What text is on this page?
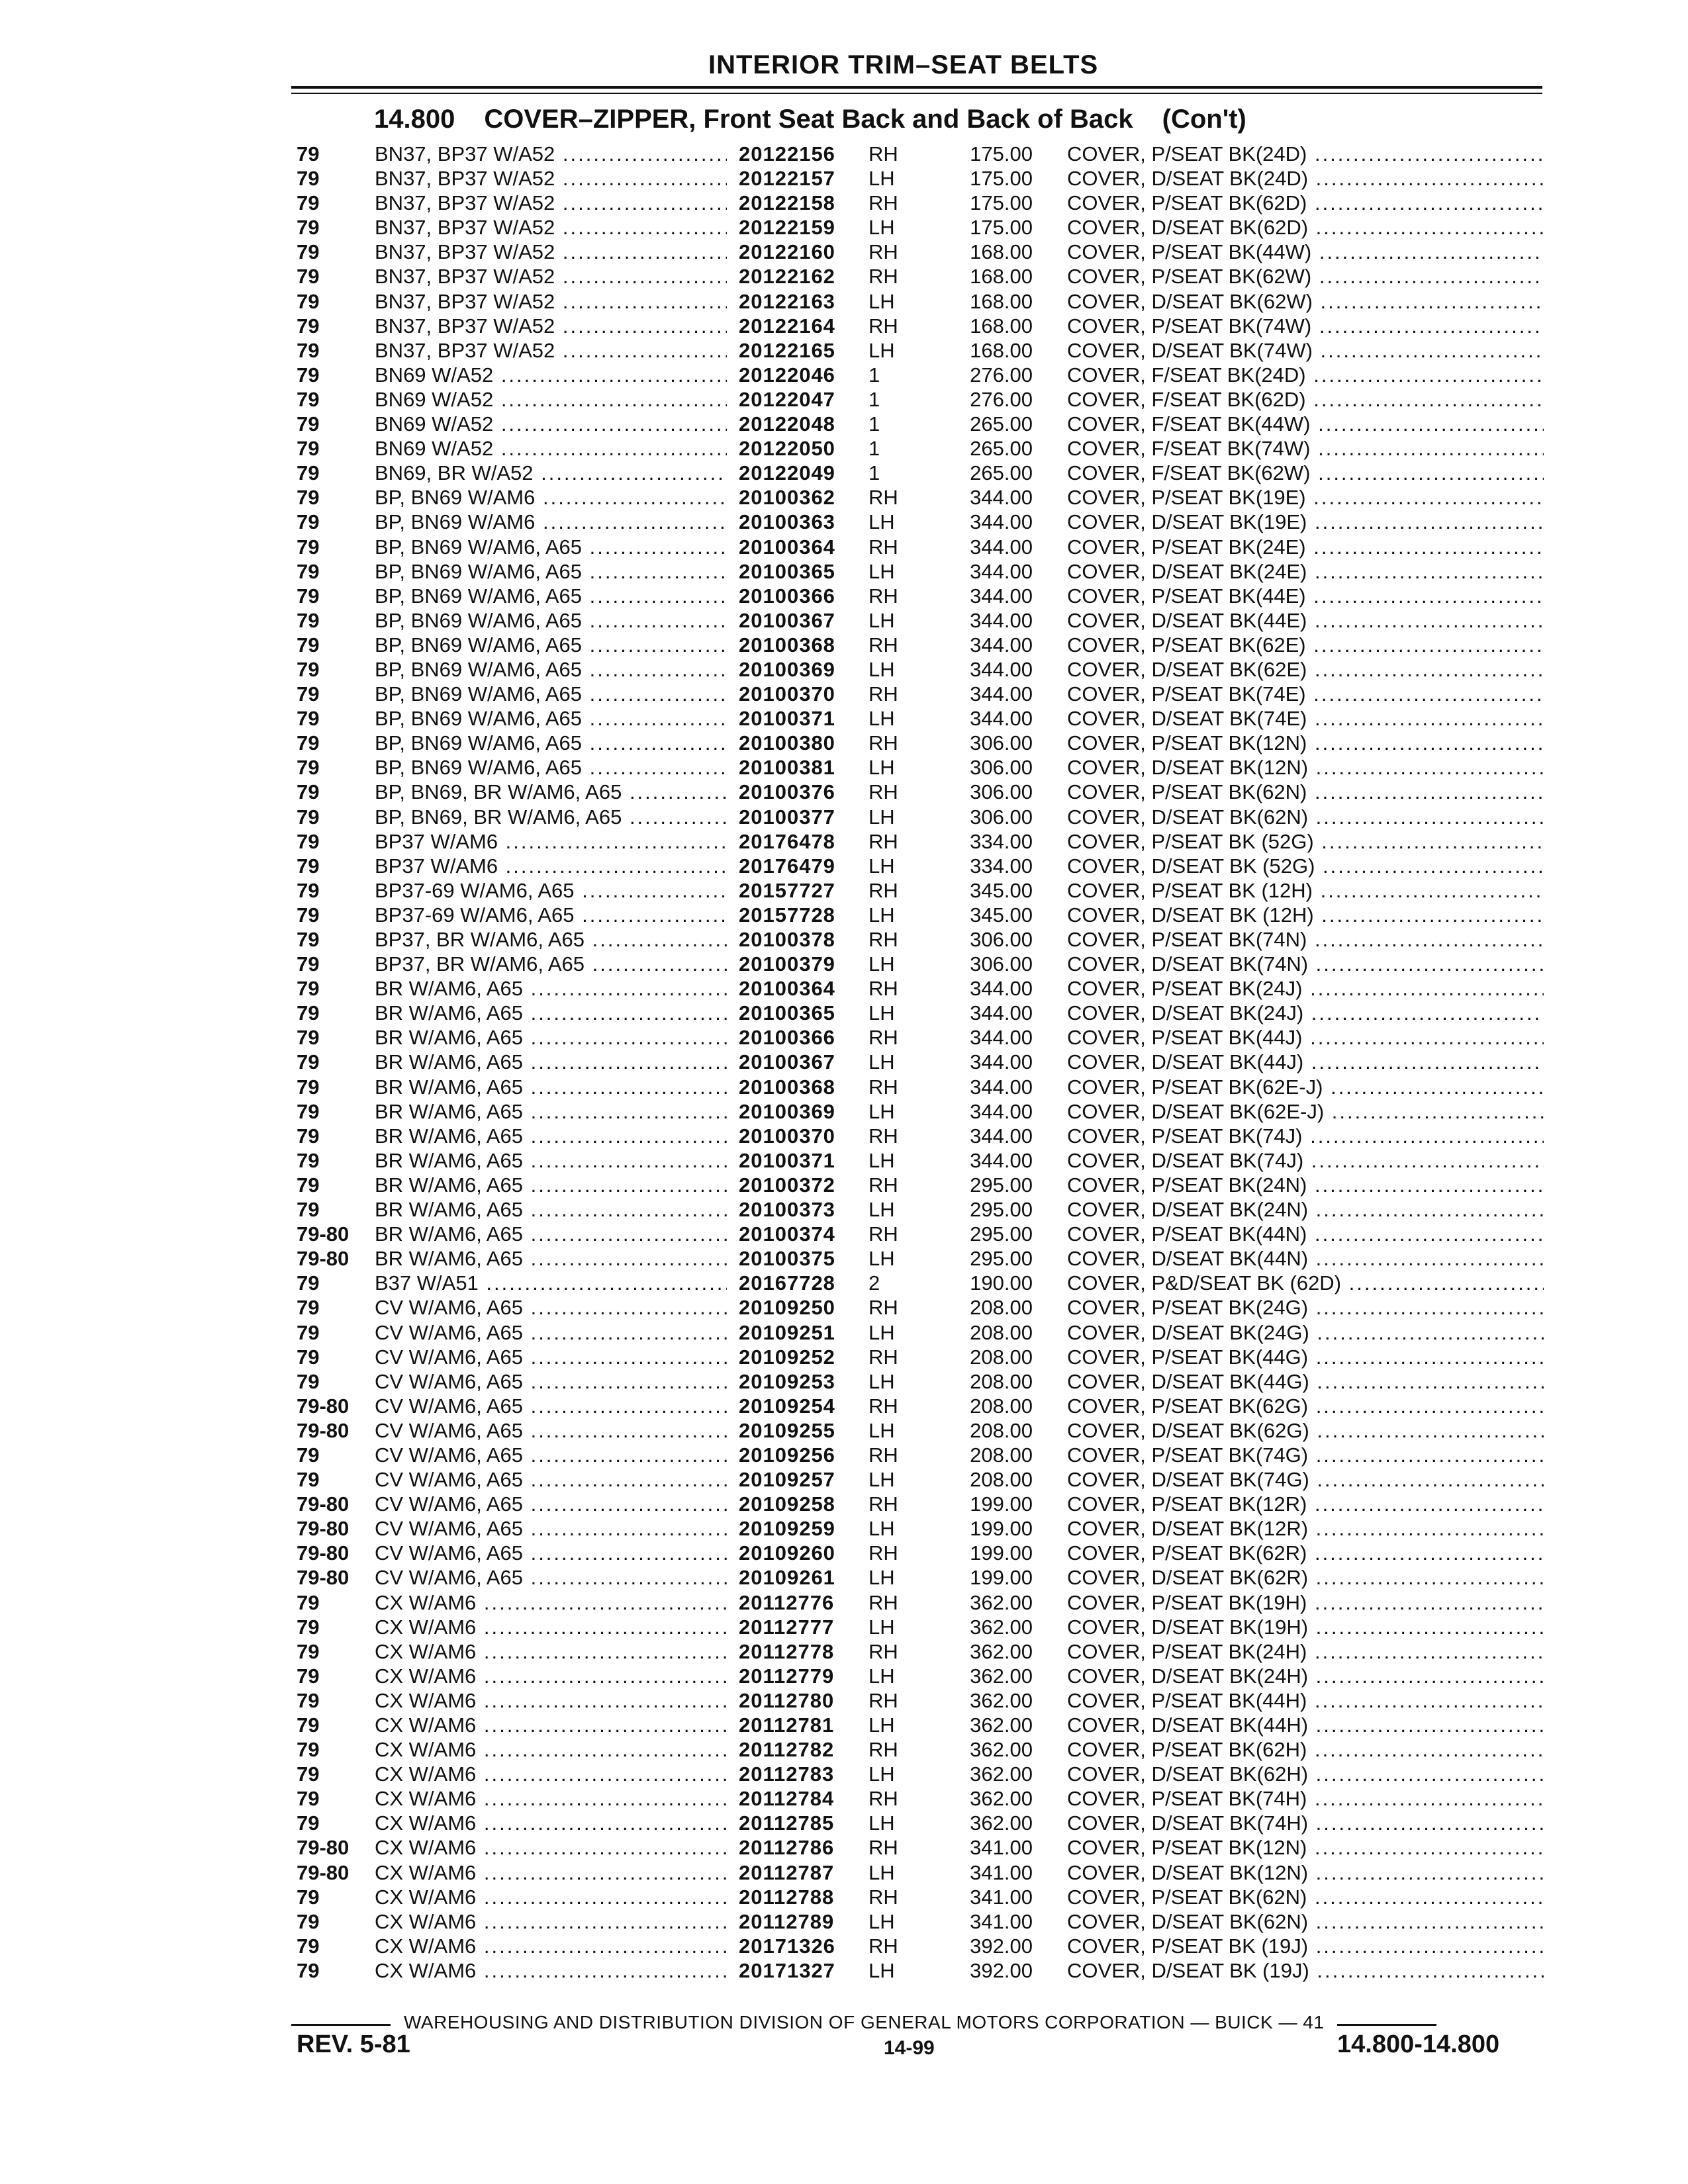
INTERIOR TRIM–SEAT BELTS
14.800 COVER–ZIPPER, Front Seat Back and Back of Back (Con't)
79	BN37, BP37 W/A52 .....	20122156 RH	175.00 COVER, P/SEAT BK(24D) .....
79	BN37, BP37 W/A52 .....	20122157 LH	175.00 COVER, D/SEAT BK(24D) .....
79	BN37, BP37 W/A52 .....	20122158 RH	175.00 COVER, P/SEAT BK(62D) .....
79	BN37, BP37 W/A52 .....	20122159 LH	175.00 COVER, D/SEAT BK(62D) .....
79	BN37, BP37 W/A52 .....	20122160 RH	168.00 COVER, P/SEAT BK(44W) .....
79	BN37, BP37 W/A52 .....	20122162 RH	168.00 COVER, P/SEAT BK(62W) .....
79	BN37, BP37 W/A52 .....	20122163 LH	168.00 COVER, D/SEAT BK(62W) .....
79	BN37, BP37 W/A52 .....	20122164 RH	168.00 COVER, P/SEAT BK(74W) .....
79	BN37, BP37 W/A52 .....	20122165 LH	168.00 COVER, D/SEAT BK(74W) .....
79	BN69 W/A52 .....	20122046 1	276.00 COVER, F/SEAT BK(24D) .....
79	BN69 W/A52 .....	20122047 1	276.00 COVER, F/SEAT BK(62D) .....
79	BN69 W/A52 .....	20122048 1	265.00 COVER, F/SEAT BK(44W) .....
79	BN69 W/A52 .....	20122050 1	265.00 COVER, F/SEAT BK(74W) .....
79	BN69, BR W/A52 .....	20122049 1	265.00 COVER, F/SEAT BK(62W) .....
79	BP, BN69 W/AM6 .....	20100362 RH	344.00 COVER, P/SEAT BK(19E) .....
79	BP, BN69 W/AM6 .....	20100363 LH	344.00 COVER, D/SEAT BK(19E) .....
79	BP, BN69 W/AM6, A65 .....	20100364 RH	344.00 COVER, P/SEAT BK(24E) .....
79	BP, BN69 W/AM6, A65 .....	20100365 LH	344.00 COVER, D/SEAT BK(24E) .....
79	BP, BN69 W/AM6, A65 .....	20100366 RH	344.00 COVER, P/SEAT BK(44E) .....
79	BP, BN69 W/AM6, A65 .....	20100367 LH	344.00 COVER, D/SEAT BK(44E) .....
79	BP, BN69 W/AM6, A65 .....	20100368 RH	344.00 COVER, P/SEAT BK(62E) .....
79	BP, BN69 W/AM6, A65 .....	20100369 LH	344.00 COVER, D/SEAT BK(62E) .....
79	BP, BN69 W/AM6, A65 .....	20100370 RH	344.00 COVER, P/SEAT BK(74E) .....
79	BP, BN69 W/AM6, A65 .....	20100371 LH	344.00 COVER, D/SEAT BK(74E) .....
79	BP, BN69 W/AM6, A65 .....	20100380 RH	306.00 COVER, P/SEAT BK(12N) .....
79	BP, BN69 W/AM6, A65 .....	20100381 LH	306.00 COVER, D/SEAT BK(12N) .....
79	BP, BN69, BR W/AM6, A65 .....	20100376 RH	306.00 COVER, P/SEAT BK(62N) .....
79	BP, BN69, BR W/AM6, A65 .....	20100377 LH	306.00 COVER, D/SEAT BK(62N) .....
79	BP37 W/AM6 .....	20176478 RH	334.00 COVER, P/SEAT BK (52G) .....
79	BP37 W/AM6 .....	20176479 LH	334.00 COVER, D/SEAT BK (52G) .....
79	BP37-69 W/AM6, A65 .....	20157727 RH	345.00 COVER, P/SEAT BK (12H) .....
79	BP37-69 W/AM6, A65 .....	20157728 LH	345.00 COVER, D/SEAT BK (12H) .....
79	BP37, BR W/AM6, A65 .....	20100378 RH	306.00 COVER, P/SEAT BK(74N) .....
79	BP37, BR W/AM6, A65 .....	20100379 LH	306.00 COVER, D/SEAT BK(74N) .....
79	BR W/AM6, A65 .....	20100364 RH	344.00 COVER, P/SEAT BK(24J) .....
79	BR W/AM6, A65 .....	20100365 LH	344.00 COVER, D/SEAT BK(24J) .....
79	BR W/AM6, A65 .....	20100366 RH	344.00 COVER, P/SEAT BK(44J) .....
79	BR W/AM6, A65 .....	20100367 LH	344.00 COVER, D/SEAT BK(44J) .....
79	BR W/AM6, A65 .....	20100368 RH	344.00 COVER, P/SEAT BK(62E-J) .....
79	BR W/AM6, A65 .....	20100369 LH	344.00 COVER, D/SEAT BK(62E-J) .....
79	BR W/AM6, A65 .....	20100370 RH	344.00 COVER, P/SEAT BK(74J) .....
79	BR W/AM6, A65 .....	20100371 LH	344.00 COVER, D/SEAT BK(74J) .....
79	BR W/AM6, A65 .....	20100372 RH	295.00 COVER, P/SEAT BK(24N) .....
79	BR W/AM6, A65 .....	20100373 LH	295.00 COVER, D/SEAT BK(24N) .....
79-80 BR W/AM6, A65 .....	20100374 RH	295.00 COVER, P/SEAT BK(44N) .....
79-80 BR W/AM6, A65 .....	20100375 LH	295.00 COVER, D/SEAT BK(44N) .....
79	B37 W/A51 .....	20167728 2	190.00 COVER, P&D/SEAT BK (62D) .....
79	CV W/AM6, A65 .....	20109250 RH	208.00 COVER, P/SEAT BK(24G) .....
79	CV W/AM6, A65 .....	20109251 LH	208.00 COVER, D/SEAT BK(24G) .....
79	CV W/AM6, A65 .....	20109252 RH	208.00 COVER, P/SEAT BK(44G) .....
79	CV W/AM6, A65 .....	20109253 LH	208.00 COVER, D/SEAT BK(44G) .....
79-80 CV W/AM6, A65 .....	20109254 RH	208.00 COVER, P/SEAT BK(62G) .....
79-80 CV W/AM6, A65 .....	20109255 LH	208.00 COVER, D/SEAT BK(62G) .....
79	CV W/AM6, A65 .....	20109256 RH	208.00 COVER, P/SEAT BK(74G) .....
79	CV W/AM6, A65 .....	20109257 LH	208.00 COVER, D/SEAT BK(74G) .....
79-80 CV W/AM6, A65 .....	20109258 RH	199.00 COVER, P/SEAT BK(12R) .....
79-80 CV W/AM6, A65 .....	20109259 LH	199.00 COVER, D/SEAT BK(12R) .....
79-80 CV W/AM6, A65 .....	20109260 RH	199.00 COVER, P/SEAT BK(62R) .....
79-80 CV W/AM6, A65 .....	20109261 LH	199.00 COVER, D/SEAT BK(62R) .....
79	CX W/AM6 .....	20112776 RH	362.00 COVER, P/SEAT BK(19H) .....
79	CX W/AM6 .....	20112777 LH	362.00 COVER, D/SEAT BK(19H) .....
79	CX W/AM6 .....	20112778 RH	362.00 COVER, P/SEAT BK(24H) .....
79	CX W/AM6 .....	20112779 LH	362.00 COVER, D/SEAT BK(24H) .....
79	CX W/AM6 .....	20112780 RH	362.00 COVER, P/SEAT BK(44H) .....
79	CX W/AM6 .....	20112781 LH	362.00 COVER, D/SEAT BK(44H) .....
79	CX W/AM6 .....	20112782 RH	362.00 COVER, P/SEAT BK(62H) .....
79	CX W/AM6 .....	20112783 LH	362.00 COVER, D/SEAT BK(62H) .....
79	CX W/AM6 .....	20112784 RH	362.00 COVER, P/SEAT BK(74H) .....
79	CX W/AM6 .....	20112785 LH	362.00 COVER, D/SEAT BK(74H) .....
79-80 CX W/AM6 .....	20112786 RH	341.00 COVER, P/SEAT BK(12N) .....
79-80 CX W/AM6 .....	20112787 LH	341.00 COVER, D/SEAT BK(12N) .....
79	CX W/AM6 .....	20112788 RH	341.00 COVER, P/SEAT BK(62N) .....
79	CX W/AM6 .....	20112789 LH	341.00 COVER, D/SEAT BK(62N) .....
79	CX W/AM6 .....	20171326 RH	392.00 COVER, P/SEAT BK (19J) .....
79	CX W/AM6 .....	20171327 LH	392.00 COVER, D/SEAT BK (19J) .....
WAREHOUSING AND DISTRIBUTION DIVISION OF GENERAL MOTORS CORPORATION — BUICK — 41
REV. 5-81	14-99	14.800-14.800
